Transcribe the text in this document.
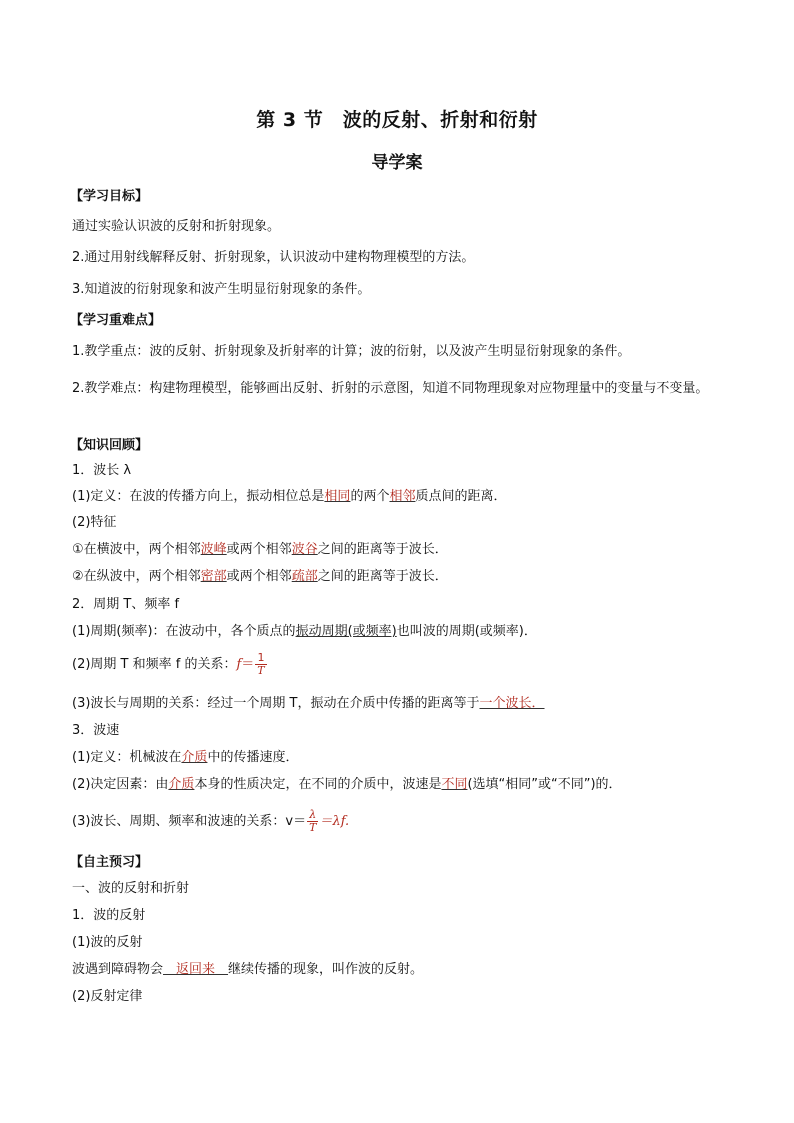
第 3 节　波的反射、折射和衍射
导学案
【学习目标】
通过实验认识波的反射和折射现象。
2.通过用射线解释反射、折射现象，认识波动中建构物理模型的方法。
3.知道波的衍射现象和波产生明显衍射现象的条件。
【学习重难点】
1.教学重点：波的反射、折射现象及折射率的计算；波的衍射，以及波产生明显衍射现象的条件。
2.教学难点：构建物理模型，能够画出反射、折射的示意图，知道不同物理现象对应物理量中的变量与不变量。
【知识回顾】
1．波长 λ
(1)定义：在波的传播方向上，振动相位总是相同的两个相邻质点间的距离．
(2)特征
①在横波中，两个相邻波峰或两个相邻波谷之间的距离等于波长．
②在纵波中，两个相邻密部或两个相邻疏部之间的距离等于波长．
2．周期 T、频率 f
(1)周期(频率)：在波动中，各个质点的振动周期(或频率)也叫波的周期(或频率)．
(2)周期 T 和频率 f 的关系：$f= \frac{1}{T}$
(3)波长与周期的关系：经过一个周期 T，振动在介质中传播的距离等于一个波长．
3．波速
(1)定义：机械波在介质中的传播速度．
(2)决定因素：由介质本身的性质决定，在不同的介质中，波速是不同(选填“相同”或“不同”)的．
(3)波长、周期、频率和波速的关系：$v= \frac{\lambda}{T} =\lambda f$.
【自主预习】
一、波的反射和折射
1．波的反射
(1)波的反射
波遇到障碍物会　返回来　继续传播的现象，叫作波的反射。
(2)反射定律
